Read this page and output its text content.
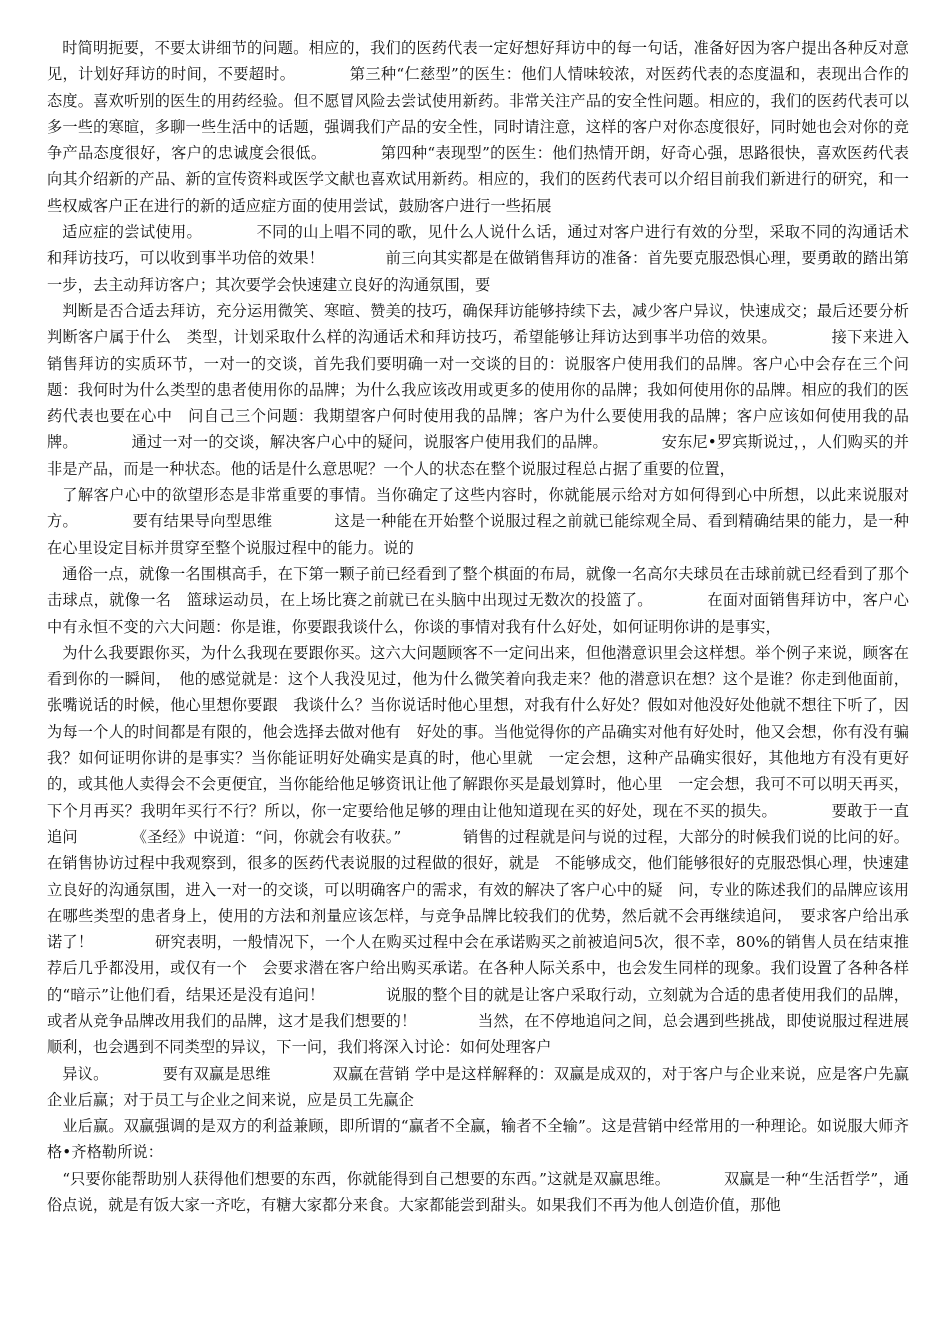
时简明扼要，不要太讲细节的问题。相应的，我们的医药代表一定好想好拜访中的每一句话，准备好因为客户提出各种反对意见，计划好拜访的时间，不要超时。　　　　第三种“仁慈型”的医生：他们人情味较浓，对医药代表的态度温和，表现出合作的态度。喜欢听别的医生的用药经验。但不愿冒风险去尝试使用新药。非常关注产品的安全性问题。相应的，我们的医药代表可以多一些的寒暄，多聊一些生活中的话题，强调我们产品的安全性，同时请注意，这样的客户对你态度很好，同时她也会对你的竞争产品态度很好，客户的忠诚度会很低。　　　　第四种“表现型”的医生：他们热情开朗，好奇心强，思路很快，喜欢医药代表向其介绍新的产品、新的宣传资料或医学文献也喜欢试用新药。相应的，我们的医药代表可以介绍目前我们新进行的研究，和一些权威客户正在进行的新的适应症方面的使用尝试，鼓励客户进行一些拓展

适应症的尝试使用。　　　　不同的山上唱不同的歌，见什么人说什么话，通过对客户进行有效的分型，采取不同的沟通话术和拜访技巧，可以收到事半功倍的效果！　　　　前三向其实都是在做销售拜访的准备：首先要克服恐惧心理，要勇敢的踏出第一步，去主动拜访客户；其次要学会快速建立良好的沟通氛围，要

判断是否合适去拜访，充分运用微笑、寒暄、赞美的技巧，确保拜访能够持续下去，减少客户异议，快速成交；最后还要分析判断客户属于什么　类型，计划采取什么样的沟通话术和拜访技巧，希望能够让拜访达到事半功倍的效果。　　　　接下来进入销售拜访的实质环节，一对一的交谈，首先我们要明确一对一交谈的目的：说服客户使用我们的品牌。客户心中会存在三个问题：我何时为什么类型的患者使用你的品牌；为什么我应该改用或更多的使用你的品牌；我如何使用你的品牌。相应的我们的医药代表也要在心中　问自己三个问题：我期望客户何时使用我的品牌；客户为什么要使用我的品牌；客户应该如何使用我的品牌。　　　　通过一对一的交谈，解决客户心中的疑问，说服客户使用我们的品牌。　　　　安东尼•罗宾斯说过，，人们购买的并非是产品，而是一种状态。他的话是什么意思呢？一个人的状态在整个说服过程总占据了重要的位置，

了解客户心中的欲望形态是非常重要的事情。当你确定了这些内容时，你就能展示给对方如何得到心中所想，以此来说服对方。　　　　要有结果导向型思维　　　　这是一种能在开始整个说服过程之前就已能综观全局、看到精确结果的能力，是一种在心里设定目标并贯穿至整个说服过程中的能力。说的

通俗一点，就像一名围棋高手，在下第一颗子前已经看到了整个棋面的布局，就像一名高尔夫球员在击球前就已经看到了那个击球点，就像一名　篮球运动员，在上场比赛之前就已在头脑中出现过无数次的投篮了。　　　　在面对面销售拜访中，客户心中有永恒不变的六大问题：你是谁，你要跟我谈什么，你谈的事情对我有什么好处，如何证明你讲的是事实，

为什么我要跟你买，为什么我现在要跟你买。这六大问题顾客不一定问出来，但他潜意识里会这样想。举个例子来说，顾客在看到你的一瞬间，　他的感觉就是：这个人我没见过，他为什么微笑着向我走来？他的潜意识在想？这个是谁？你走到他面前，张嘴说话的时候，他心里想你要跟　我谈什么？当你说话时他心里想，对我有什么好处？假如对他没好处他就不想往下听了，因为每一个人的时间都是有限的，他会选择去做对他有　好处的事。当他觉得你的产品确实对他有好处时，他又会想，你有没有骗我？如何证明你讲的是事实？当你能证明好处确实是真的时，他心里就　一定会想，这种产品确实很好，其他地方有没有更好的，或其他人卖得会不会更便宜，当你能给他足够资讯让他了解跟你买是最划算时，他心里　一定会想，我可不可以明天再买，下个月再买？我明年买行不行？所以，你一定要给他足够的理由让他知道现在买的好处，现在不买的损失。　　　　要敢于一直追问　　　　《圣经》中说道：“问，你就会有收获。”　　　　销售的过程就是问与说的过程，大部分的时候我们说的比问的好。在销售协访过程中我观察到，很多的医药代表说服的过程做的很好，就是　不能够成交，他们能够很好的克服恐惧心理，快速建立良好的沟通氛围，进入一对一的交谈，可以明确客户的需求，有效的解决了客户心中的疑　问，专业的陈述我们的品牌应该用在哪些类型的患者身上，使用的方法和剂量应该怎样，与竞争品牌比较我们的优势，然后就不会再继续追问，　要求客户给出承诺了！　　　　研究表明，一般情况下，一个人在购买过程中会在承诺购买之前被追问5次，很不幸，80%的销售人员在结束推荐后几乎都没用，或仅有一个　会要求潜在客户给出购买承诺。在各种人际关系中，也会发生同样的现象。我们设置了各种各样的“暗示”让他们看，结果还是没有追问！　　　　说服的整个目的就是让客户采取行动，立刻就为合适的患者使用我们的品牌，或者从竞争品牌改用我们的品牌，这才是我们想要的！　　　　当然，在不停地追问之间，总会遇到些挑战，即使说服过程进展顺利，也会遇到不同类型的异议，下一问，我们将深入讨论：如何处理客户

异议。　　　　要有双赢是思维　　　　双赢在营销 学中是这样解释的：双赢是成双的，对于客户与企业来说，应是客户先赢企业后赢；对于员工与企业之间来说，应是员工先赢企

业后赢。双赢强调的是双方的利益兼顾，即所谓的“赢者不全赢，输者不全输”。这是营销中经常用的一种理论。如说服大师齐格•齐格勒所说：

“只要你能帮助别人获得他们想要的东西，你就能得到自己想要的东西。”这就是双赢思维。　　　　双赢是一种“生活哲学”，通俗点说，就是有饭大家一齐吃，有糖大家都分来食。大家都能尝到甜头。如果我们不再为他人创造价值，那他
